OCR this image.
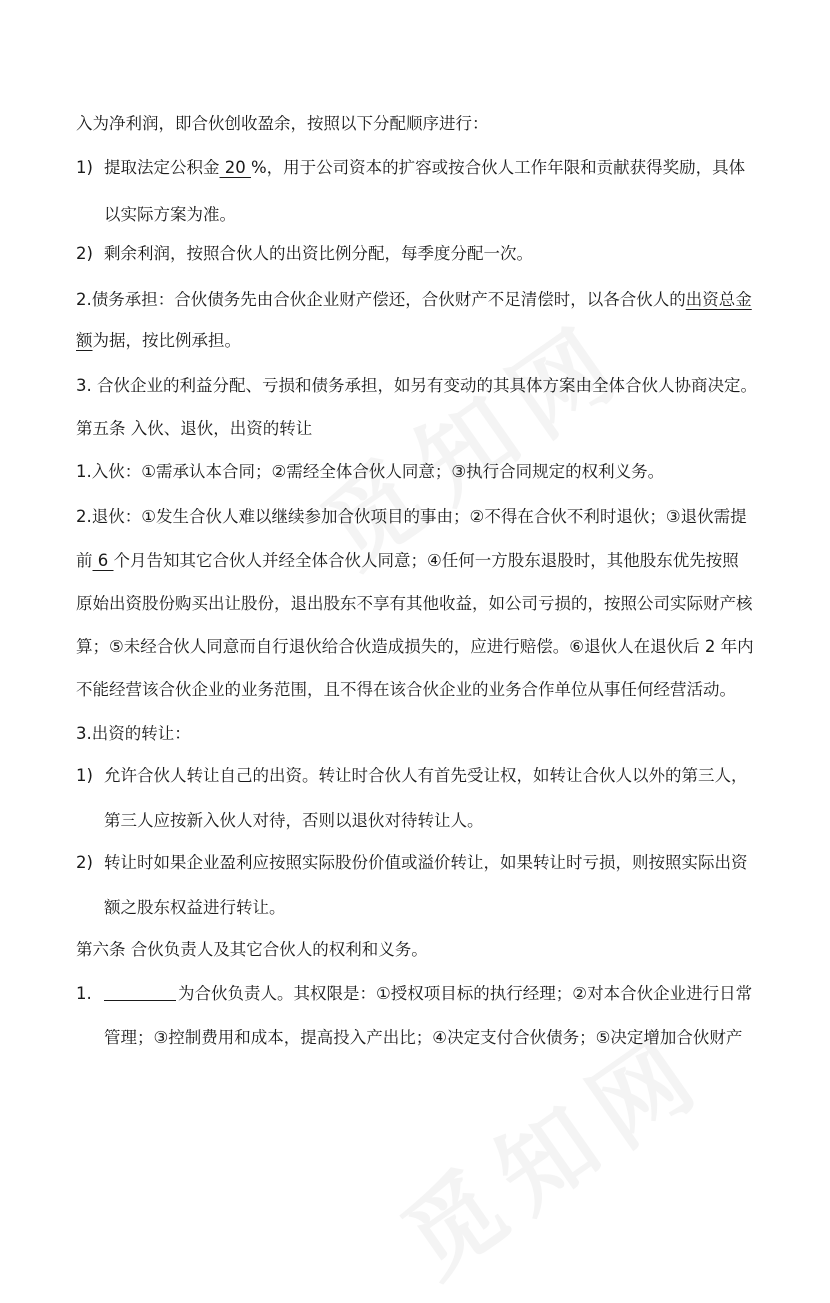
入为净利润，即合伙创收盈余，按照以下分配顺序进行：
1) 提取法定公积金 20 %，用于公司资本的扩容或按合伙人工作年限和贡献获得奖励，具体
以实际方案为准。
2) 剩余利润，按照合伙人的出资比例分配，每季度分配一次。
2.债务承担：合伙债务先由合伙企业财产偿还，合伙财产不足清偿时，以各合伙人的出资总金
额为据，按比例承担。
3. 合伙企业的利益分配、亏损和债务承担，如另有变动的其具体方案由全体合伙人协商决定。
第五条 入伙、退伙，出资的转让
1.入伙：①需承认本合同；②需经全体合伙人同意；③执行合同规定的权利义务。
2.退伙：①发生合伙人难以继续参加合伙项目的事由；②不得在合伙不利时退伙；③退伙需提
前 6 个月告知其它合伙人并经全体合伙人同意；④任何一方股东退股时，其他股东优先按照
原始出资股份购买出让股份，退出股东不享有其他收益，如公司亏损的，按照公司实际财产核
算；⑤未经合伙人同意而自行退伙给合伙造成损失的，应进行赔偿。⑥退伙人在退伙后 2 年内
不能经营该合伙企业的业务范围，且不得在该合伙企业的业务合作单位从事任何经营活动。
3.出资的转让：
1) 允许合伙人转让自己的出资。转让时合伙人有首先受让权，如转让合伙人以外的第三人，
第三人应按新入伙人对待，否则以退伙对待转让人。
2) 转让时如果企业盈利应按照实际股份价值或溢价转让，如果转让时亏损，则按照实际出资
额之股东权益进行转让。
第六条 合伙负责人及其它合伙人的权利和义务。
1.	为合伙负责人。其权限是：①授权项目标的执行经理；②对本合伙企业进行日常
管理；③控制费用和成本，提高投入产出比；④决定支付合伙债务；⑤决定增加合伙财产
